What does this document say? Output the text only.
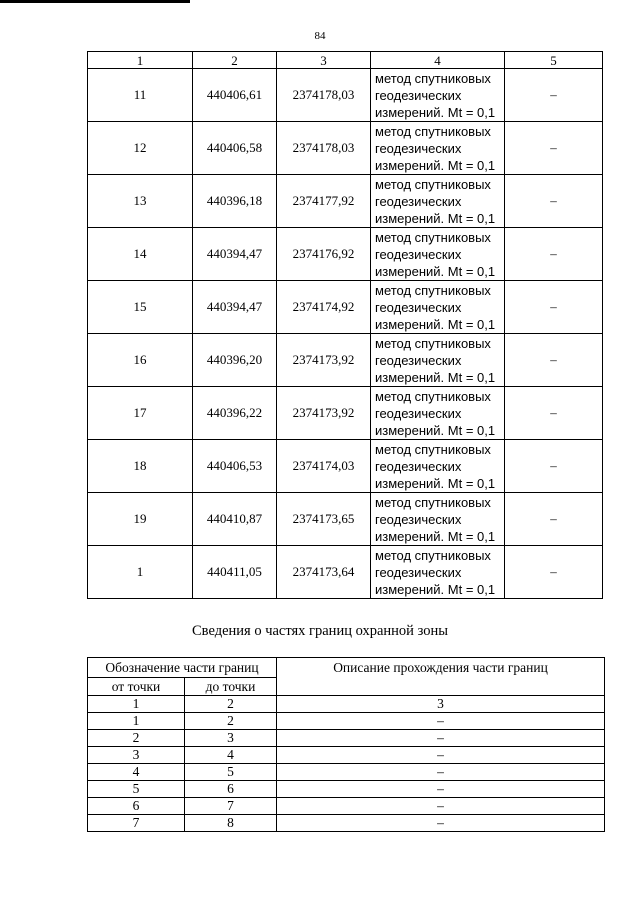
84
1	2	3	4	5
11	440406,61	2374178,03	метод спутниковых
геодезических
измерений. Mt = 0,1	–
12	440406,58	2374178,03	метод спутниковых
геодезических
измерений. Mt = 0,1	–
13	440396,18	2374177,92	метод спутниковых
геодезических
измерений. Mt = 0,1	–
14	440394,47	2374176,92	метод спутниковых
геодезических
измерений. Mt = 0,1	–
15	440394,47	2374174,92	метод спутниковых
геодезических
измерений. Mt = 0,1	–
16	440396,20	2374173,92	метод спутниковых
геодезических
измерений. Mt = 0,1	–
17	440396,22	2374173,92	метод спутниковых
геодезических
измерений. Mt = 0,1	–
18	440406,53	2374174,03	метод спутниковых
геодезических
измерений. Mt = 0,1	–
19	440410,87	2374173,65	метод спутниковых
геодезических
измерений. Mt = 0,1	–
1	440411,05	2374173,64	метод спутниковых
геодезических
измерений. Mt = 0,1	–
Сведения о частях границ охранной зоны
Обозначение части границ		Описание прохождения части границ
от точки	до точки	
1	2	3
1	2	–
2	3	–
3	4	–
4	5	–
5	6	–
6	7	–
7	8	–
